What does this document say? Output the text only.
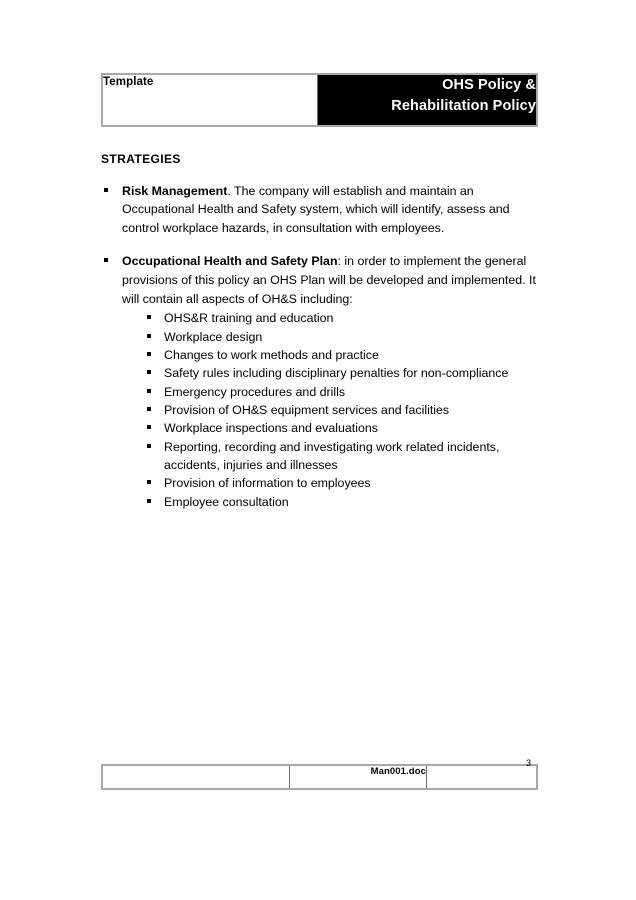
Template	OHS Policy &
Rehabilitation Policy
STRATEGIES
Risk Management. The company will establish and maintain an Occupational Health and Safety system, which will identify, assess and control workplace hazards, in consultation with employees.
Occupational Health and Safety Plan: in order to implement the general provisions of this policy an OHS Plan will be developed and implemented. It will contain all aspects of OH&S including:
OHS&R training and education
Workplace design
Changes to work methods and practice
Safety rules including disciplinary penalties for non-compliance
Emergency procedures and drills
Provision of OH&S equipment services and facilities
Workplace inspections and evaluations
Reporting, recording and investigating work related incidents, accidents, injuries and illnesses
Provision of information to employees
Employee consultation
	Man001.doc	
3
